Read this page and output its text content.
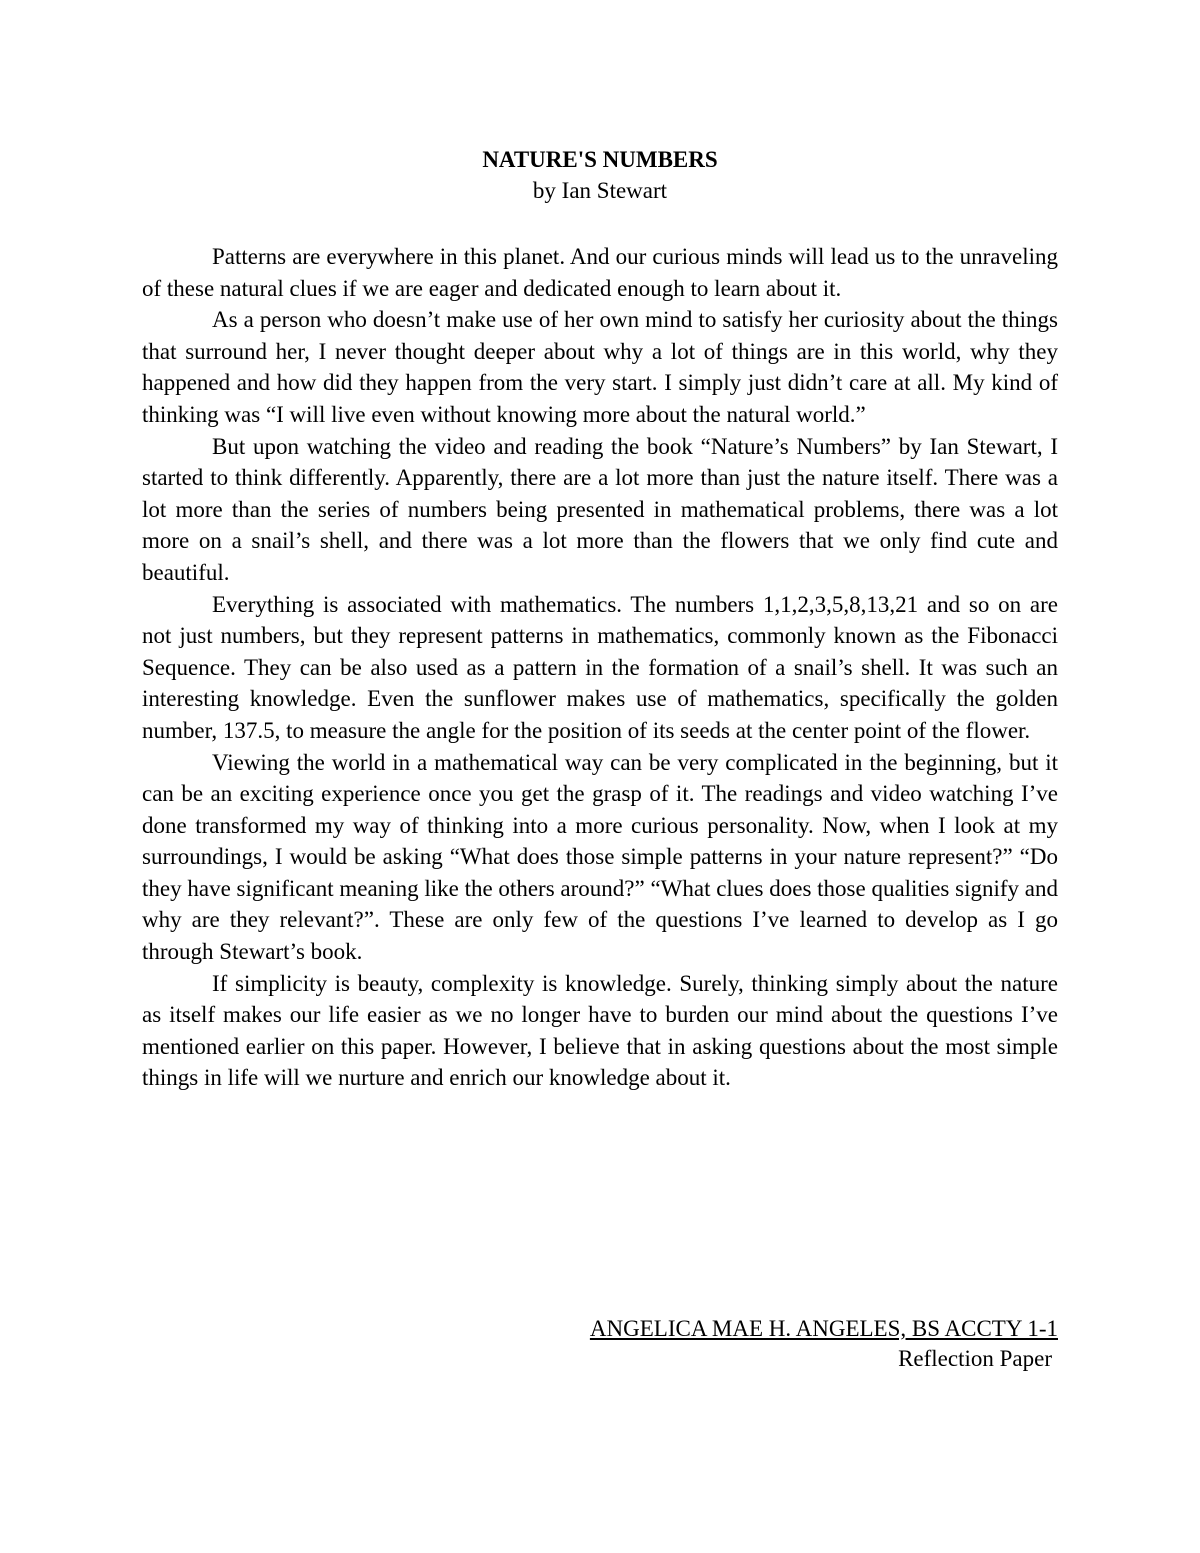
NATURE'S NUMBERS
by Ian Stewart

Patterns are everywhere in this planet. And our curious minds will lead us to the unraveling of these natural clues if we are eager and dedicated enough to learn about it.

As a person who doesn’t make use of her own mind to satisfy her curiosity about the things that surround her, I never thought deeper about why a lot of things are in this world, why they happened and how did they happen from the very start. I simply just didn’t care at all. My kind of thinking was “I will live even without knowing more about the natural world.”

But upon watching the video and reading the book “Nature’s Numbers” by Ian Stewart, I started to think differently. Apparently, there are a lot more than just the nature itself. There was a lot more than the series of numbers being presented in mathematical problems, there was a lot more on a snail’s shell, and there was a lot more than the flowers that we only find cute and beautiful.

Everything is associated with mathematics. The numbers 1,1,2,3,5,8,13,21 and so on are not just numbers, but they represent patterns in mathematics, commonly known as the Fibonacci Sequence. They can be also used as a pattern in the formation of a snail’s shell. It was such an interesting knowledge. Even the sunflower makes use of mathematics, specifically the golden number, 137.5, to measure the angle for the position of its seeds at the center point of the flower.

Viewing the world in a mathematical way can be very complicated in the beginning, but it can be an exciting experience once you get the grasp of it. The readings and video watching I’ve done transformed my way of thinking into a more curious personality. Now, when I look at my surroundings, I would be asking “What does those simple patterns in your nature represent?” “Do they have significant meaning like the others around?” “What clues does those qualities signify and why are they relevant?”. These are only few of the questions I’ve learned to develop as I go through Stewart’s book.

If simplicity is beauty, complexity is knowledge. Surely, thinking simply about the nature as itself makes our life easier as we no longer have to burden our mind about the questions I’ve mentioned earlier on this paper. However, I believe that in asking questions about the most simple things in life will we nurture and enrich our knowledge about it.

ANGELICA MAE H. ANGELES, BS ACCTY 1-1
Reflection Paper
